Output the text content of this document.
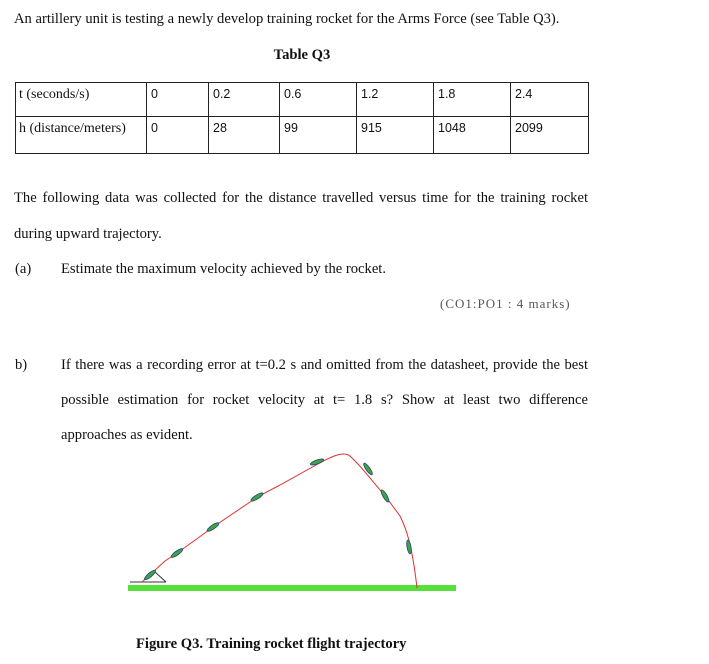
An artillery unit is testing a newly develop training rocket for the Arms Force (see Table Q3).
Table Q3
t (seconds/s)	0	0.2	0.6	1.2	1.8	2.4
h (distance/meters)	0	28	99	915	1048	2099
The following data was collected for the distance travelled versus time for the training rocket
during upward trajectory.
(a) Estimate the maximum velocity achieved by the rocket.
(CO1:PO1 : 4 marks)
b) If there was a recording error at t=0.2 s and omitted from the datasheet, provide the best
possible estimation for rocket velocity at t= 1.8 s? Show at least two difference
approaches as evident.
Figure Q3. Training rocket flight trajectory
